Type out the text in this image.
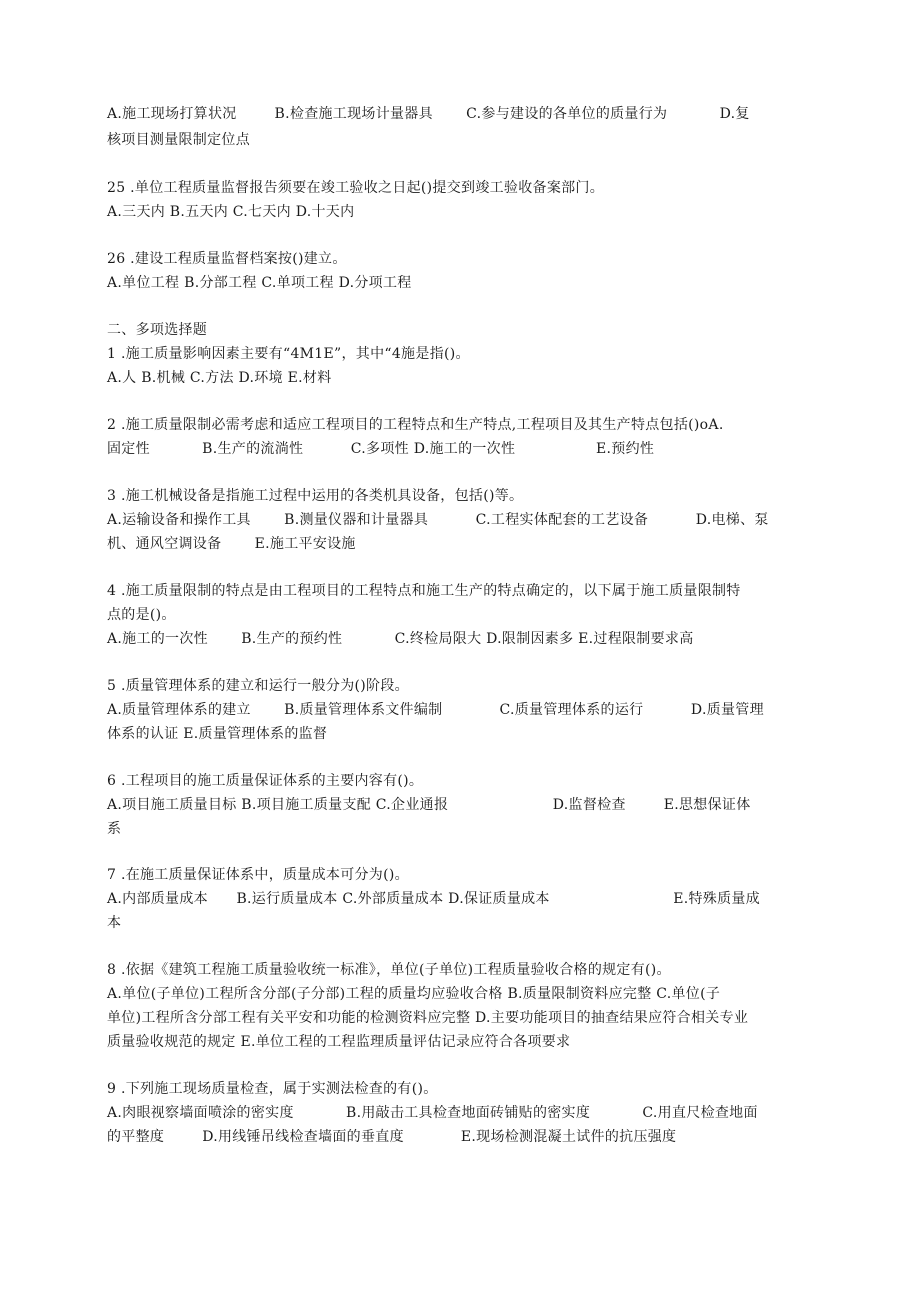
A.施工现场打算状况        B.检查施工现场计量器具       C.参与建设的各单位的质量行为           D.复
核项目测量限制定位点
25 .单位工程质量监督报告须要在竣工验收之日起()提交到竣工验收备案部门。
A.三天内 B.五天内 C.七天内 D.十天内
26 .建设工程质量监督档案按()建立。
A.单位工程 B.分部工程 C.单项工程 D.分项工程
二、多项选择题
1 .施工质量影响因素主要有“4M1E”，其中“4施是指()。
A.人 B.机械 C.方法 D.环境 E.材料
2 .施工质量限制必需考虑和适应工程项目的工程特点和生产特点,工程项目及其生产特点包括()oA.
固定性           B.生产的流淌性          C.多项性 D.施工的一次性                 E.预约性
3 .施工机械设备是指施工过程中运用的各类机具设备，包括()等。
A.运输设备和操作工具       B.测量仪器和计量器具          C.工程实体配套的工艺设备          D.电梯、泵
机、通风空调设备       E.施工平安设施
4 .施工质量限制的特点是由工程项目的工程特点和施工生产的特点确定的，以下属于施工质量限制特
点的是()。
A.施工的一次性       B.生产的预约性           C.终检局限大 D.限制因素多 E.过程限制要求高
5 .质量管理体系的建立和运行一般分为()阶段。
A.质量管理体系的建立       B.质量管理体系文件编制            C.质量管理体系的运行          D.质量管理
体系的认证 E.质量管理体系的监督
6 .工程项目的施工质量保证体系的主要内容有()。
A.项目施工质量目标 B.项目施工质量支配 C.企业通报                      D.监督检查        E.思想保证体
系
7 .在施工质量保证体系中，质量成本可分为()。
A.内部质量成本      B.运行质量成本 C.外部质量成本 D.保证质量成本                          E.特殊质量成
本
8 .依据《建筑工程施工质量验收统一标准》，单位(子单位)工程质量验收合格的规定有()。
A.单位(子单位)工程所含分部(子分部)工程的质量均应验收合格 B.质量限制资料应完整 C.单位(子
单位)工程所含分部工程有关平安和功能的检测资料应完整 D.主要功能项目的抽查结果应符合相关专业
质量验收规范的规定 E.单位工程的工程监理质量评估记录应符合各项要求
9 .下列施工现场质量检查，属于实测法检查的有()。
A.肉眼视察墙面喷涂的密实度           B.用敲击工具检查地面砖铺贴的密实度           C.用直尺检查地面
的平整度        D.用线锤吊线检查墙面的垂直度            E.现场检测混凝土试件的抗压强度
